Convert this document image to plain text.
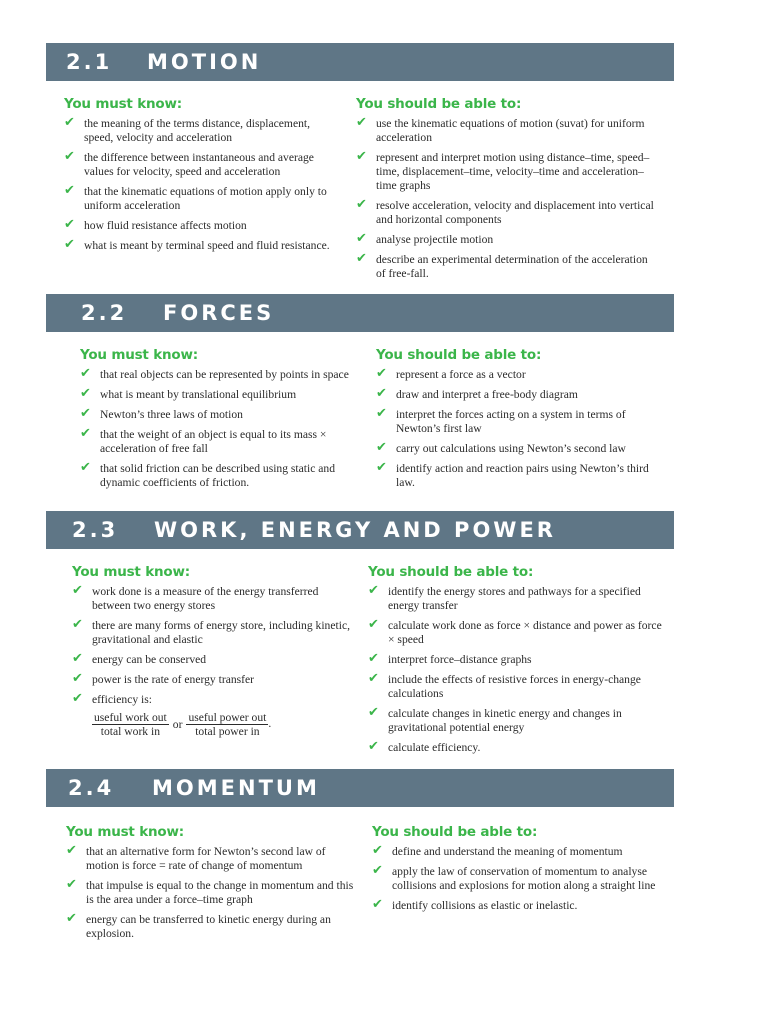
2.1 MOTION
You must know:
✔ the meaning of the terms distance, displacement, speed, velocity and acceleration
✔ the difference between instantaneous and average values for velocity, speed and acceleration
✔ that the kinematic equations of motion apply only to uniform acceleration
✔ how fluid resistance affects motion
✔ what is meant by terminal speed and fluid resistance.
You should be able to:
✔ use the kinematic equations of motion (suvat) for uniform acceleration
✔ represent and interpret motion using distance–time, speed–time, displacement–time, velocity–time and acceleration–time graphs
✔ resolve acceleration, velocity and displacement into vertical and horizontal components
✔ analyse projectile motion
✔ describe an experimental determination of the acceleration of free-fall.
2.2 FORCES
You must know:
✔ that real objects can be represented by points in space
✔ what is meant by translational equilibrium
✔ Newton’s three laws of motion
✔ that the weight of an object is equal to its mass × acceleration of free fall
✔ that solid friction can be described using static and dynamic coefficients of friction.
You should be able to:
✔ represent a force as a vector
✔ draw and interpret a free-body diagram
✔ interpret the forces acting on a system in terms of Newton’s first law
✔ carry out calculations using Newton’s second law
✔ identify action and reaction pairs using Newton’s third law.
2.3 WORK, ENERGY AND POWER
You must know:
✔ work done is a measure of the energy transferred between two energy stores
✔ there are many forms of energy store, including kinetic, gravitational and elastic
✔ energy can be conserved
✔ power is the rate of energy transfer
✔ efficiency is:
$\frac{\text{useful work out}}{\text{total work in}}$ or $\frac{\text{useful power out}}{\text{total power in}}$ .
You should be able to:
✔ identify the energy stores and pathways for a specified energy transfer
✔ calculate work done as force × distance and power as force × speed
✔ interpret force–distance graphs
✔ include the effects of resistive forces in energy-change calculations
✔ calculate changes in kinetic energy and changes in gravitational potential energy
✔ calculate efficiency.
2.4 MOMENTUM
You must know:
✔ that an alternative form for Newton’s second law of motion is force = rate of change of momentum
✔ that impulse is equal to the change in momentum and this is the area under a force–time graph
✔ energy can be transferred to kinetic energy during an explosion.
You should be able to:
✔ define and understand the meaning of momentum
✔ apply the law of conservation of momentum to analyse collisions and explosions for motion along a straight line
✔ identify collisions as elastic or inelastic.
